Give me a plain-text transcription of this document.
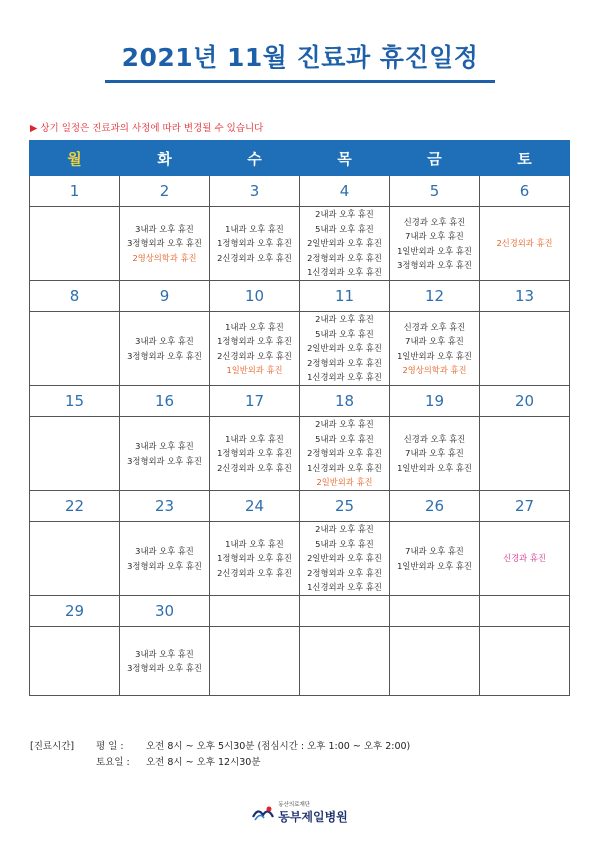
2021년 11월 진료과 휴진일정
▶ 상기 일정은 진료과의 사정에 따라 변경될 수 있습니다
월	화	수	목	금	토
1	2	3	4	5	6

	3내과 오후 휴진
3정형외과 오후 휴진
2영상의학과 휴진	1내과 오후 휴진
1정형외과 오후 휴진
2신경외과 오후 휴진	2내과 오후 휴진
5내과 오후 휴진
2일반외과 오후 휴진
2정형외과 오후 휴진
1신경외과 오후 휴진	신경과 오후 휴진
7내과 오후 휴진
1일반외과 오후 휴진
3정형외과 오후 휴진	2신경외과 휴진

8	9	10	11	12	13

	3내과 오후 휴진
3정형외과 오후 휴진	1내과 오후 휴진
1정형외과 오후 휴진
2신경외과 오후 휴진
1일반외과 휴진	2내과 오후 휴진
5내과 오후 휴진
2일반외과 오후 휴진
2정형외과 오후 휴진
1신경외과 오후 휴진	신경과 오후 휴진
7내과 오후 휴진
1일반외과 오후 휴진
2영상의학과 휴진	

15	16	17	18	19	20

	3내과 오후 휴진
3정형외과 오후 휴진	1내과 오후 휴진
1정형외과 오후 휴진
2신경외과 오후 휴진	2내과 오후 휴진
5내과 오후 휴진
2정형외과 오후 휴진
1신경외과 오후 휴진
2일반외과 휴진	신경과 오후 휴진
7내과 오후 휴진
1일반외과 오후 휴진	

22	23	24	25	26	27

	3내과 오후 휴진
3정형외과 오후 휴진	1내과 오후 휴진
1정형외과 오후 휴진
2신경외과 오후 휴진	2내과 오후 휴진
5내과 오후 휴진
2일반외과 오후 휴진
2정형외과 오후 휴진
1신경외과 오후 휴진	7내과 오후 휴진
1일반외과 오후 휴진	신경과 휴진

29	30				

	3내과 오후 휴진
3정형외과 오후 휴진				

[진료시간]	평 일 :	오전 8시 ~ 오후 5시30분 (점심시간 : 오후 1:00 ~ 오후 2:00)
토요일 :	오전 8시 ~ 오후 12시30분
동산의료재단
동부제일병원
